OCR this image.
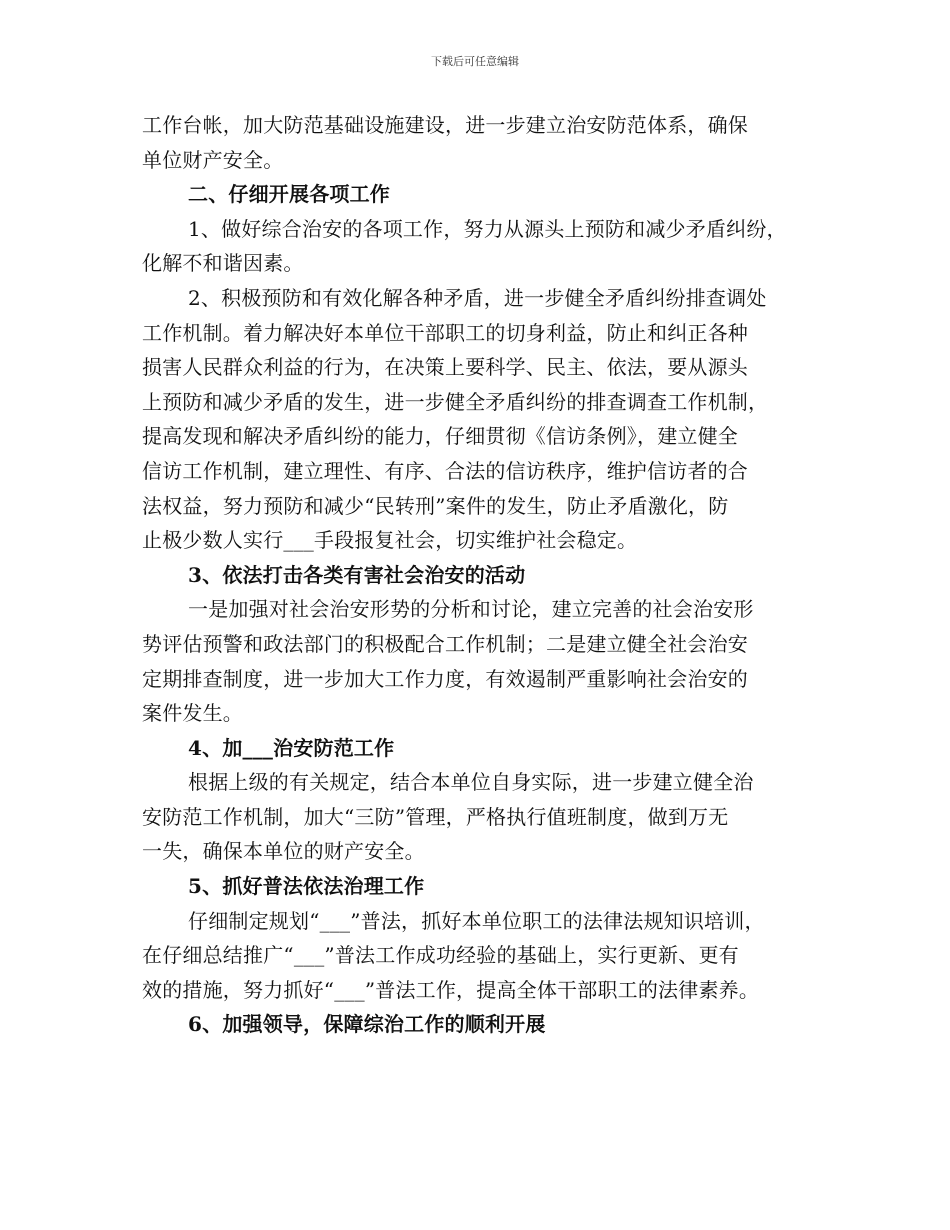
下载后可任意编辑
工作台帐，加大防范基础设施建设，进一步建立治安防范体系，确保
单位财产安全。
二、仔细开展各项工作
1、做好综合治安的各项工作，努力从源头上预防和减少矛盾纠纷，
化解不和谐因素。
2、积极预防和有效化解各种矛盾，进一步健全矛盾纠纷排查调处
工作机制。着力解决好本单位干部职工的切身利益，防止和纠正各种
损害人民群众利益的行为，在决策上要科学、民主、依法，要从源头
上预防和减少矛盾的发生，进一步健全矛盾纠纷的排查调查工作机制，
提高发现和解决矛盾纠纷的能力，仔细贯彻《信访条例》，建立健全
信访工作机制，建立理性、有序、合法的信访秩序，维护信访者的合
法权益，努力预防和减少“民转刑”案件的发生，防止矛盾激化，防
止极少数人实行___手段报复社会，切实维护社会稳定。
3、依法打击各类有害社会治安的活动
一是加强对社会治安形势的分析和讨论，建立完善的社会治安形
势评估预警和政法部门的积极配合工作机制；二是建立健全社会治安
定期排查制度，进一步加大工作力度，有效遏制严重影响社会治安的
案件发生。
4、加___治安防范工作
根据上级的有关规定，结合本单位自身实际，进一步建立健全治
安防范工作机制，加大“三防”管理，严格执行值班制度，做到万无
一失，确保本单位的财产安全。
5、抓好普法依法治理工作
仔细制定规划“___”普法，抓好本单位职工的法律法规知识培训，
在仔细总结推广“___”普法工作成功经验的基础上，实行更新、更有
效的措施，努力抓好“___”普法工作，提高全体干部职工的法律素养。
6、加强领导，保障综治工作的顺利开展
